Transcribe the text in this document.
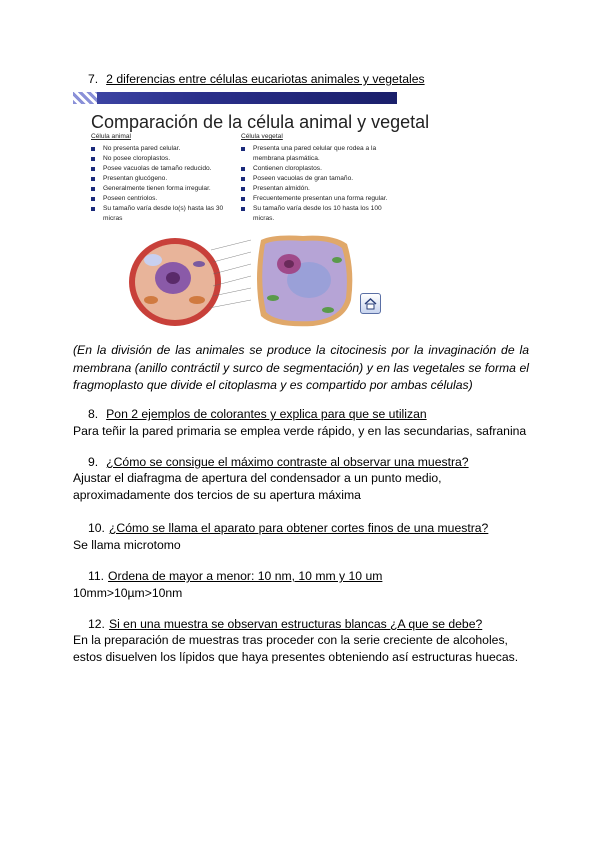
7. 2 diferencias entre células eucariotas animales y vegetales
Comparación de la célula animal y vegetal
Célula animal
No presenta pared celular.
No posee cloroplastos.
Posee vacuolas de tamaño reducido.
Presentan glucógeno.
Generalmente tienen forma irregular.
Poseen centriolos.
Su tamaño varía desde lo(s) hasta las 30 micras
Célula vegetal
Presenta una pared celular que rodea a la membrana plasmática.
Contienen cloroplastos.
Poseen vacuolas de gran tamaño.
Presentan almidón.
Frecuentemente presentan una forma regular.
Su tamaño varía desde los 10 hasta los 100 micras.
(En la división de las animales se produce la citocinesis por la invaginación de la membrana (anillo contráctil y surco de segmentación) y en las vegetales se forma el fragmoplasto que divide el citoplasma y es compartido por ambas células)
8. Pon 2 ejemplos de colorantes y explica para que se utilizan
Para teñir la pared primaria se emplea verde rápido, y en las secundarias, safranina
9. ¿Cómo se consigue el máximo contraste al observar una muestra?
Ajustar el diafragma de apertura del condensador a un punto medio, aproximadamente dos tercios de su apertura máxima
10. ¿Cómo se llama el aparato para obtener cortes finos de una muestra?
Se llama microtomo
11. Ordena de mayor a menor: 10 nm, 10 mm y 10 um
10mm>10µm>10nm
12. Si en una muestra se observan estructuras blancas ¿A que se debe?
En la preparación de muestras tras proceder con la serie creciente de alcoholes, estos disuelven los lípidos que haya presentes obteniendo así estructuras huecas.
